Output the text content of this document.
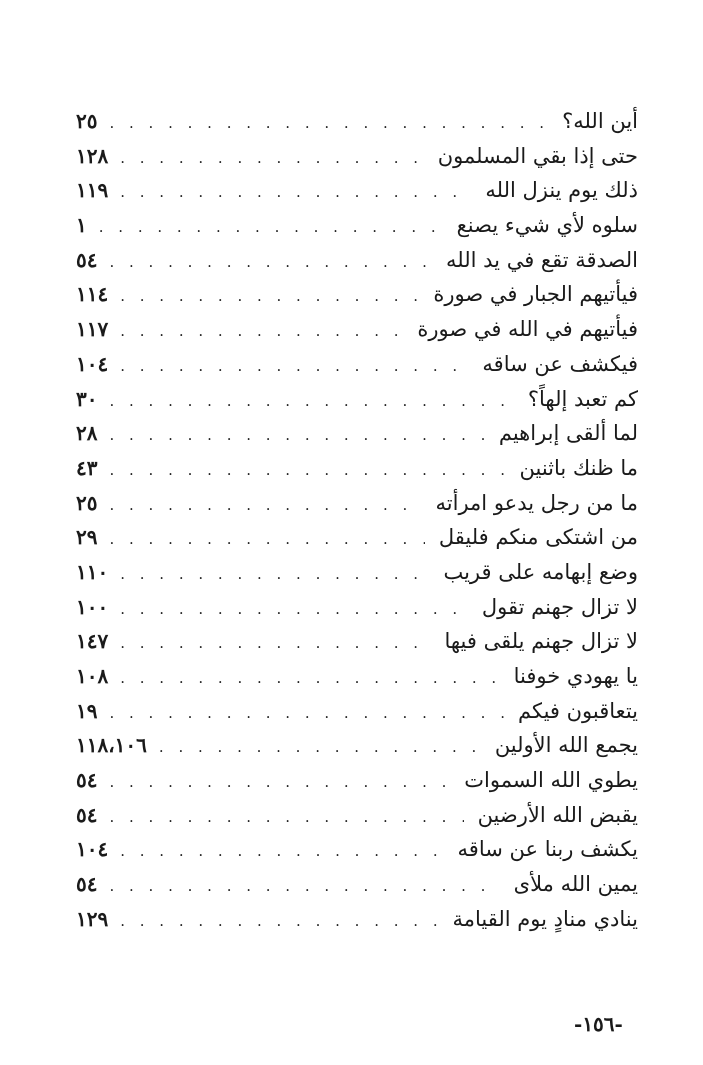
أين الله؟
. . .
٢٥
حتى إذا بقي المسلمون
. . .
١٢٨
ذلك يوم ينزل الله
. . .
١١٩
سلوه لأي شيء يصنع
. . .
١
الصدقة تقع في يد الله
. . .
٥٤
فيأتيهم الجبار في صورة
. . .
١١٤
فيأتيهم في الله في صورة
. . .
١١٧
فيكشف عن ساقه
. . .
١٠٤
كم تعبد إلهاً؟
. . .
٣٠
لما ألقى إبراهيم
. . .
٢٨
ما ظنك باثنين
. . .
٤٣
ما من رجل يدعو امرأته
. . .
٢٥
من اشتكى منكم فليقل
. . .
٢٩
وضع إبهامه على قريب
. . .
١١٠
لا تزال جهنم تقول
. . .
١٠٠
لا تزال جهنم يلقى فيها
. . .
١٤٧
يا يهودي خوفنا
. . .
١٠٨
يتعاقبون فيكم
. . .
١٩
يجمع الله الأولين
. . .
١١٨،١٠٦
يطوي الله السموات
. . .
٥٤
يقبض الله الأرضين
. . .
٥٤
يكشف ربنا عن ساقه
. . .
١٠٤
يمين الله ملأى
. . .
٥٤
ينادي منادٍ يوم القيامة
. . .
١٢٩
-١٥٦-
